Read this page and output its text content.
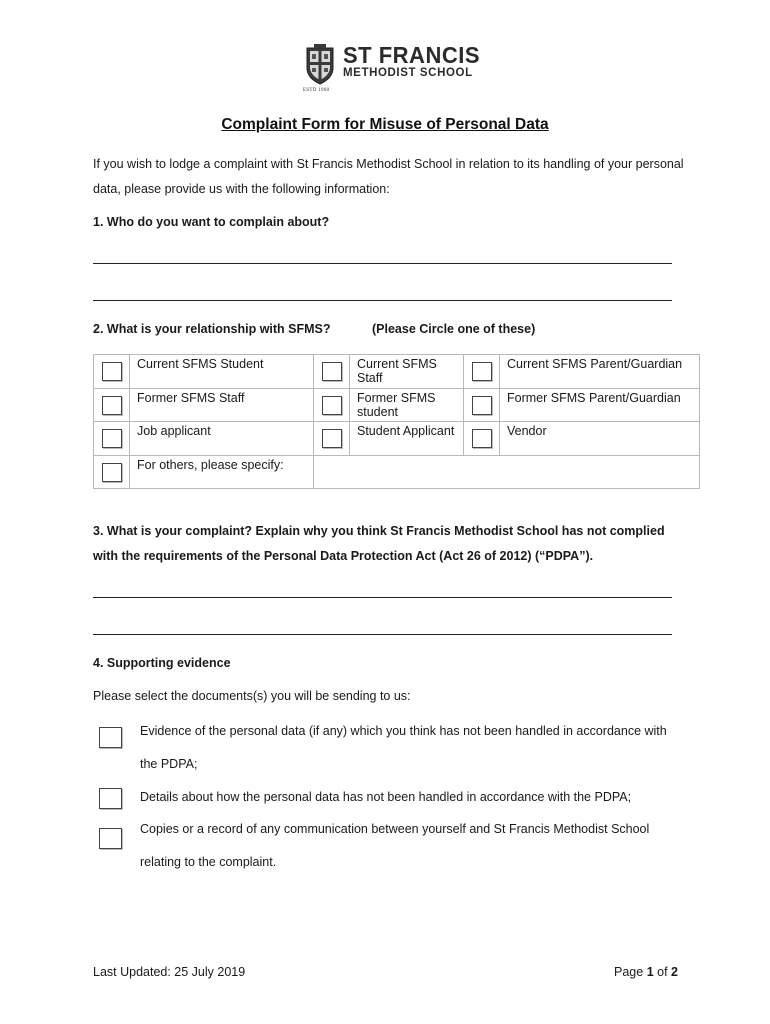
ESTD 1960
ST FRANCIS
METHODIST SCHOOL
Complaint Form for Misuse of Personal Data
If you wish to lodge a complaint with St Francis Methodist School in relation to its handling of your personal data, please provide us with the following information:
1. Who do you want to complain about?
2. What is your relationship with SFMS?	(Please Circle one of these)
	Current SFMS Student		Current SFMS Staff		Current SFMS Parent/Guardian

	Former SFMS Staff		Former SFMS student		Former SFMS Parent/Guardian

	Job applicant		Student Applicant		Vendor

	For others, please specify:				
3. What is your complaint? Explain why you think St Francis Methodist School has not complied with the requirements of the Personal Data Protection Act (Act 26 of 2012) (“PDPA”).
4. Supporting evidence
Please select the documents(s) you will be sending to us:
Evidence of the personal data (if any) which you think has not been handled in accordance with the PDPA;
Details about how the personal data has not been handled in accordance with the PDPA;
Copies or a record of any communication between yourself and St Francis Methodist School relating to the complaint.
Last Updated: 25 July 2019	Page 1 of 2
